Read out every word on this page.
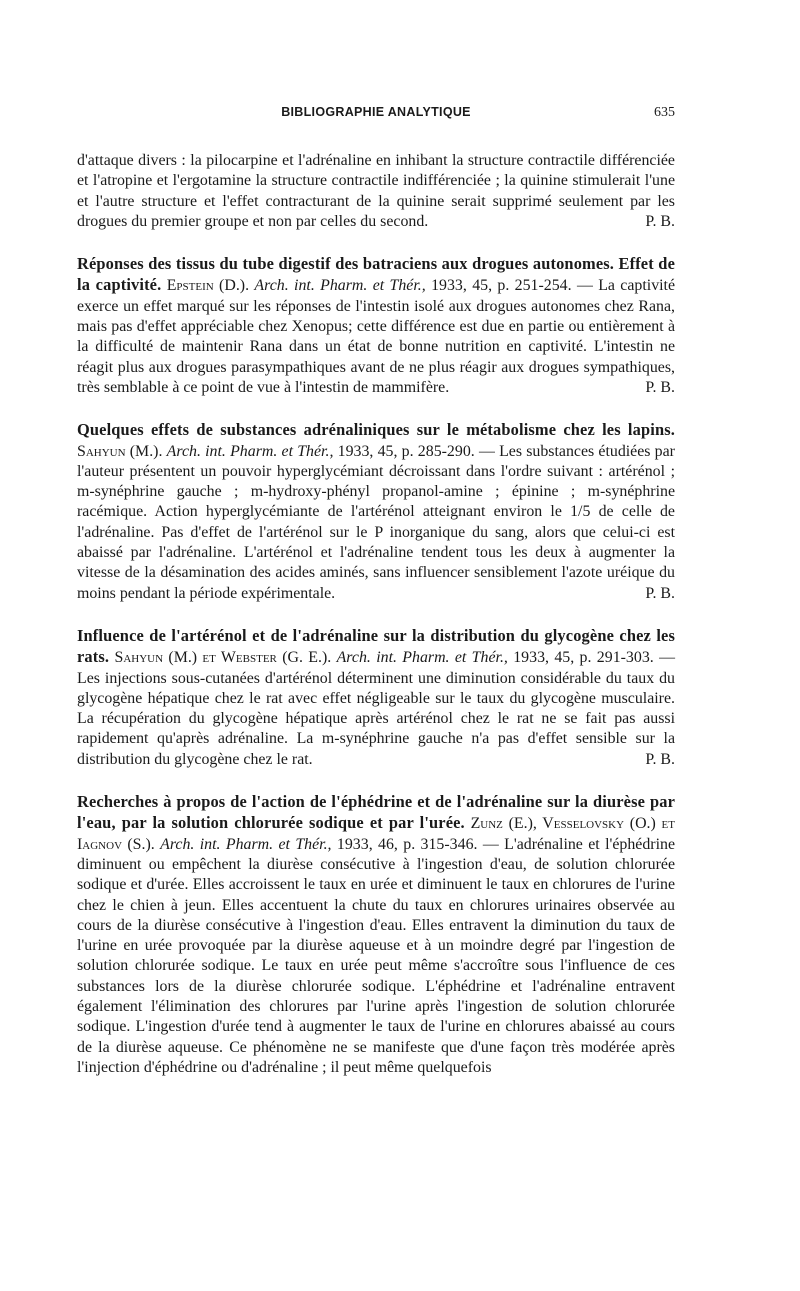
BIBLIOGRAPHIE ANALYTIQUE	635

d'attaque divers : la pilocarpine et l'adrénaline en inhibant la structure contractile différenciée et l'atropine et l'ergotamine la structure contractile indifférenciée ; la quinine stimulerait l'une et l'autre structure et l'effet contracturant de la quinine serait supprimé seulement par les drogues du premier groupe et non par celles du second.	P. B.

Réponses des tissus du tube digestif des batraciens aux drogues autonomes. Effet de la captivité. Epstein (D.). Arch. int. Pharm. et Thér., 1933, 45, p. 251-254. — La captivité exerce un effet marqué sur les réponses de l'intestin isolé aux drogues autonomes chez Rana, mais pas d'effet appréciable chez Xenopus; cette différence est due en partie ou entièrement à la difficulté de maintenir Rana dans un état de bonne nutrition en captivité. L'intestin ne réagit plus aux drogues parasympathiques avant de ne plus réagir aux drogues sympathiques, très semblable à ce point de vue à l'intestin de mammifère.	P. B.

Quelques effets de substances adrénaliniques sur le métabolisme chez les lapins. Sahyun (M.). Arch. int. Pharm. et Thér., 1933, 45, p. 285-290. — Les substances étudiées par l'auteur présentent un pouvoir hyperglycémiant décroissant dans l'ordre suivant : artérénol ; m-synéphrine gauche ; m-hydroxy-phényl propanol-amine ; épinine ; m-synéphrine racémique. Action hyperglycémiante de l'artérénol atteignant environ le 1/5 de celle de l'adrénaline. Pas d'effet de l'artérénol sur le P inorganique du sang, alors que celui-ci est abaissé par l'adrénaline. L'artérénol et l'adrénaline tendent tous les deux à augmenter la vitesse de la désamination des acides aminés, sans influencer sensiblement l'azote uréique du moins pendant la période expérimentale.	P. B.

Influence de l'artérénol et de l'adrénaline sur la distribution du glycogène chez les rats. Sahyun (M.) et Webster (G. E.). Arch. int. Pharm. et Thér., 1933, 45, p. 291-303. — Les injections sous-cutanées d'artérénol déterminent une diminution considérable du taux du glycogène hépatique chez le rat avec effet négligeable sur le taux du glycogène musculaire. La récupération du glycogène hépatique après artérénol chez le rat ne se fait pas aussi rapidement qu'après adrénaline. La m-synéphrine gauche n'a pas d'effet sensible sur la distribution du glycogène chez le rat.	P. B.

Recherches à propos de l'action de l'éphédrine et de l'adrénaline sur la diurèse par l'eau, par la solution chlorurée sodique et par l'urée. Zunz (E.), Vesselovsky (O.) et Iagnov (S.). Arch. int. Pharm. et Thér., 1933, 46, p. 315-346. — L'adrénaline et l'éphédrine diminuent ou empêchent la diurèse consécutive à l'ingestion d'eau, de solution chlorurée sodique et d'urée. Elles accroissent le taux en urée et diminuent le taux en chlorures de l'urine chez le chien à jeun. Elles accentuent la chute du taux en chlorures urinaires observée au cours de la diurèse consécutive à l'ingestion d'eau. Elles entravent la diminution du taux de l'urine en urée provoquée par la diurèse aqueuse et à un moindre degré par l'ingestion de solution chlorurée sodique. Le taux en urée peut même s'accroître sous l'influence de ces substances lors de la diurèse chlorurée sodique. L'éphédrine et l'adrénaline entravent également l'élimination des chlorures par l'urine après l'ingestion de solution chlorurée sodique. L'ingestion d'urée tend à augmenter le taux de l'urine en chlorures abaissé au cours de la diurèse aqueuse. Ce phénomène ne se manifeste que d'une façon très modérée après l'injection d'éphédrine ou d'adrénaline ; il peut même quelquefois
